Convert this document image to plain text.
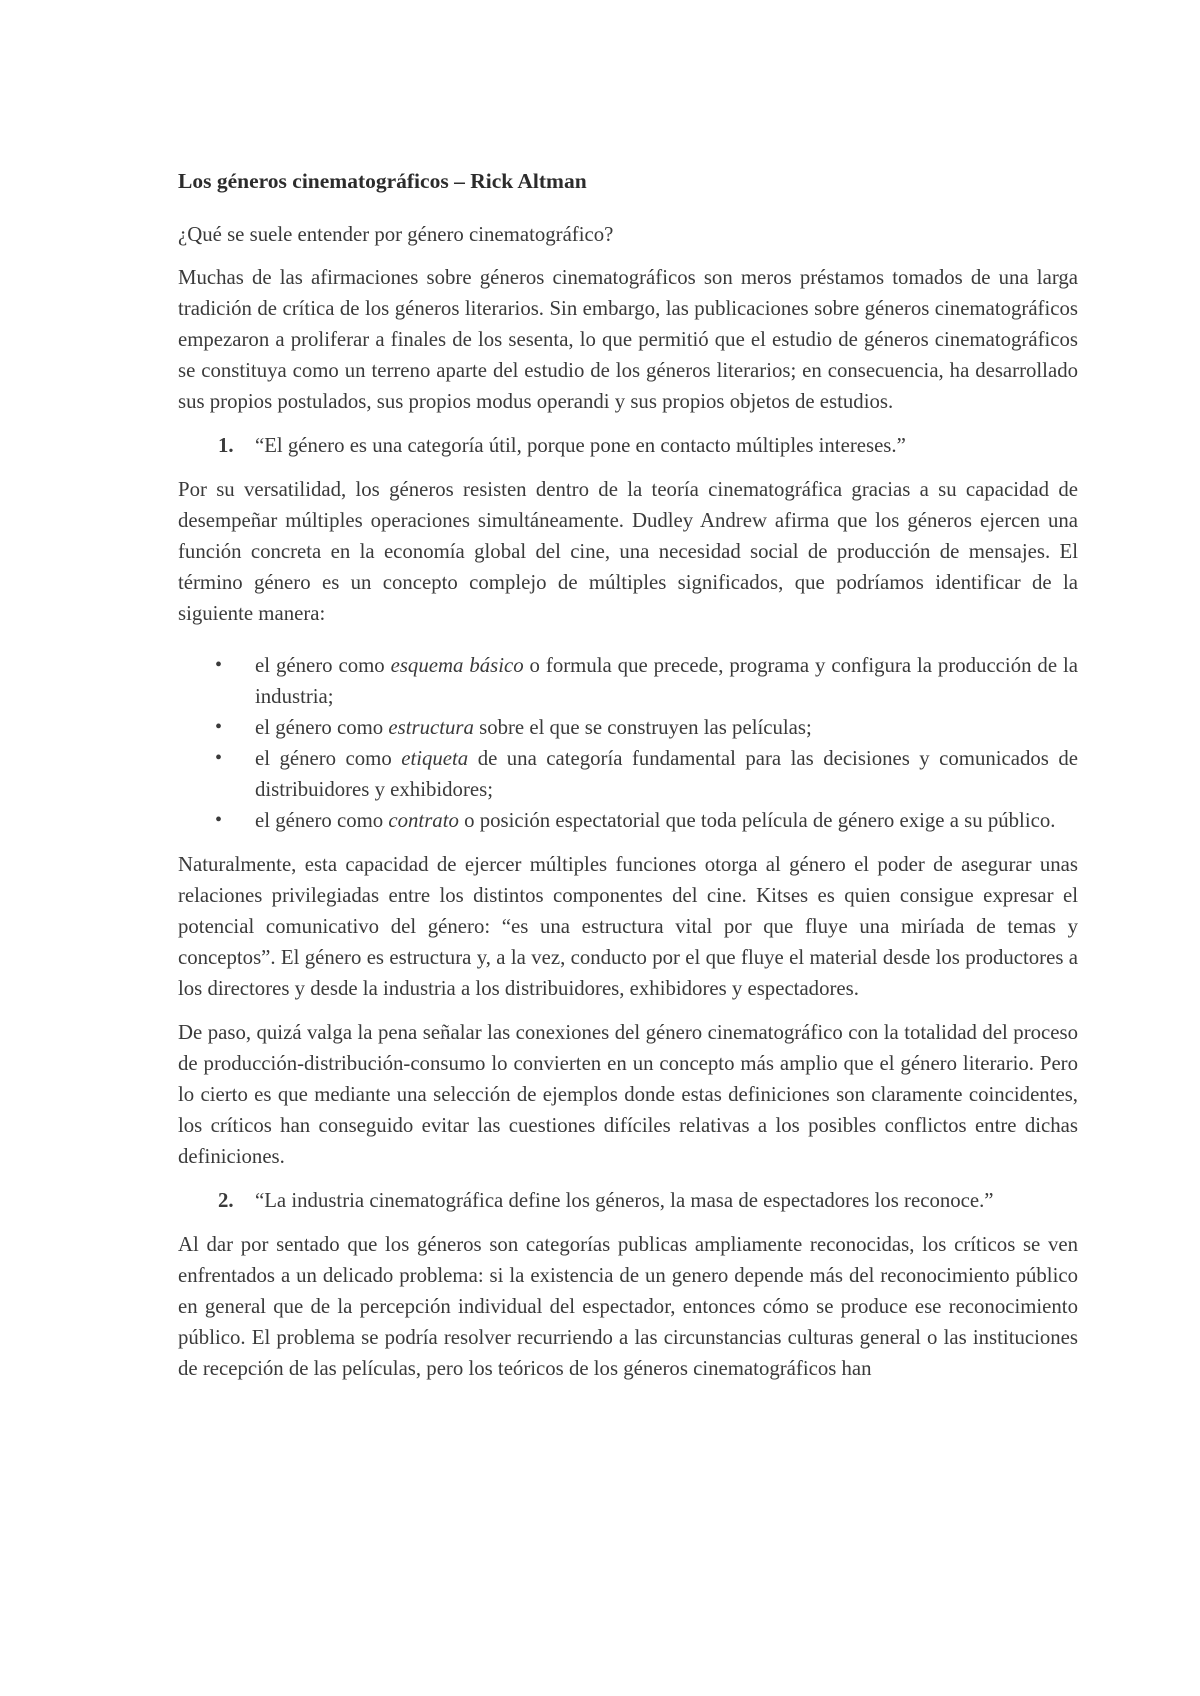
Los géneros cinematográficos – Rick Altman
¿Qué se suele entender por género cinematográfico?

Muchas de las afirmaciones sobre géneros cinematográficos son meros préstamos tomados de una larga tradición de crítica de los géneros literarios. Sin embargo, las publicaciones sobre géneros cinematográficos empezaron a proliferar a finales de los sesenta, lo que permitió que el estudio de géneros cinematográficos se constituya como un terreno aparte del estudio de los géneros literarios; en consecuencia, ha desarrollado sus propios postulados, sus propios modus operandi y sus propios objetos de estudios.

1.	“El género es una categoría útil, porque pone en contacto múltiples intereses.”

Por su versatilidad, los géneros resisten dentro de la teoría cinematográfica gracias a su capacidad de desempeñar múltiples operaciones simultáneamente. Dudley Andrew afirma que los géneros ejercen una función concreta en la economía global del cine, una necesidad social de producción de mensajes. El término género es un concepto complejo de múltiples significados, que podríamos identificar de la siguiente manera:

•	el género como esquema básico o formula que precede, programa y configura la producción de la industria;
•	el género como estructura sobre el que se construyen las películas;
•	el género como etiqueta de una categoría fundamental para las decisiones y comunicados de distribuidores y exhibidores;
•	el género como contrato o posición espectatorial que toda película de género exige a su público.

Naturalmente, esta capacidad de ejercer múltiples funciones otorga al género el poder de asegurar unas relaciones privilegiadas entre los distintos componentes del cine. Kitses es quien consigue expresar el potencial comunicativo del género: “es una estructura vital por que fluye una miríada de temas y conceptos”. El género es estructura y, a la vez, conducto por el que fluye el material desde los productores a los directores y desde la industria a los distribuidores, exhibidores y espectadores.

De paso, quizá valga la pena señalar las conexiones del género cinematográfico con la totalidad del proceso de producción-distribución-consumo lo convierten en un concepto más amplio que el género literario. Pero lo cierto es que mediante una selección de ejemplos donde estas definiciones son claramente coincidentes, los críticos han conseguido evitar las cuestiones difíciles relativas a los posibles conflictos entre dichas definiciones.

2.	“La industria cinematográfica define los géneros, la masa de espectadores los reconoce.”

Al dar por sentado que los géneros son categorías publicas ampliamente reconocidas, los críticos se ven enfrentados a un delicado problema: si la existencia de un genero depende más del reconocimiento público en general que de la percepción individual del espectador, entonces cómo se produce ese reconocimiento público. El problema se podría resolver recurriendo a las circunstancias culturas general o las instituciones de recepción de las películas, pero los teóricos de los géneros cinematográficos han
